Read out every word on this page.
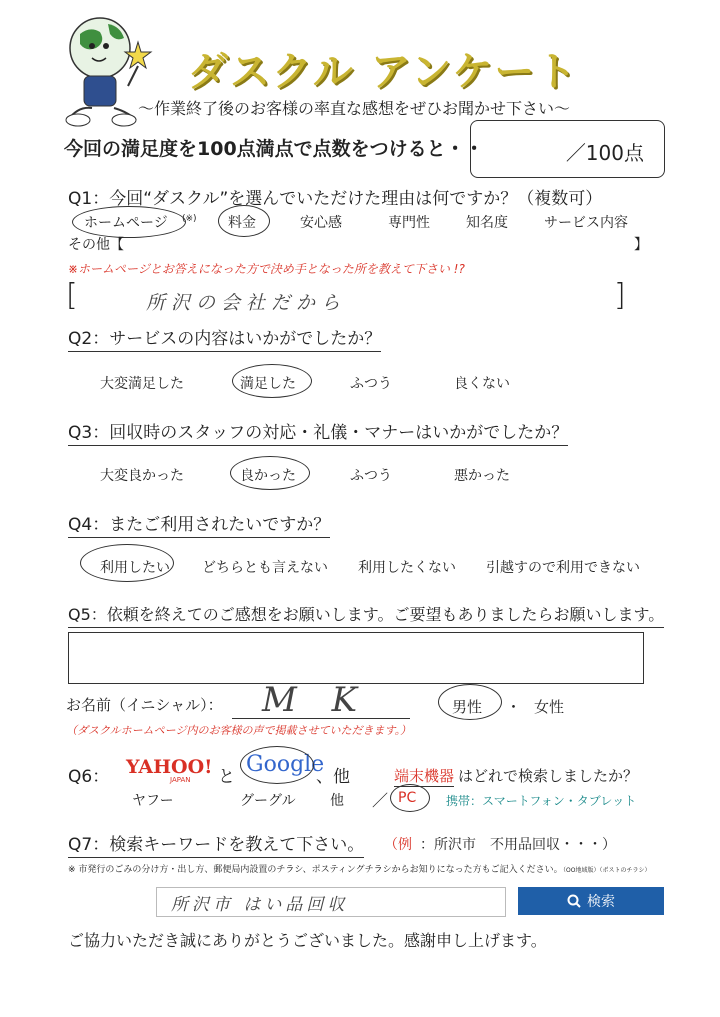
ダスクル アンケート
～作業終了後のお客様の率直な感想をぜひお聞かせ下さい～
今回の満足度を100点満点で点数をつけると・・	／100点
Q1：今回“ダスクル”を選んでいただけた理由は何ですか？（複数可）
ホームページ (※) 料金	安心感	専門性	知名度	サービス内容
その他【	】
※ホームページとお答えになった方で決め手となった所を教えて下さい !?
[	]
所沢の会社だから
Q2：サービスの内容はいかがでしたか？
大変満足した	満足した	ふつう	良くない
Q3：回収時のスタッフの対応・礼儀・マナーはいかがでしたか？
大変良かった	良かった	ふつう	悪かった
Q4：またご利用されたいですか？
利用したい どちらとも言えない 利用したくない 引越すので利用できない
Q5：依頼を終えてのご感想をお願いします。ご要望もありましたらお願いします。
お名前（イニシャル）： M K	男性 ・ 女性
（ダスクルホームページ内のお客様の声で掲載させていただきます。）
Q6： YAHOO!
JAPAN と Google
、他	端末機器 はどれで検索しましたか？
ヤフー	グーグル 他 ／ PC 携帯：スマートフォン・タブレット
Q7：検索キーワードを教えて下さい。 （例 ：所沢市　不用品回収・・・）
※ 市発行のごみの分け方・出し方、郵便局内設置のチラシ、ポスティングチラシからお知りになった方もご記入ください。
（OO地域版）（ポストのチラシ）
所沢市 はい品回収	検索
ご協力いただき誠にありがとうございました。感謝申し上げます。
